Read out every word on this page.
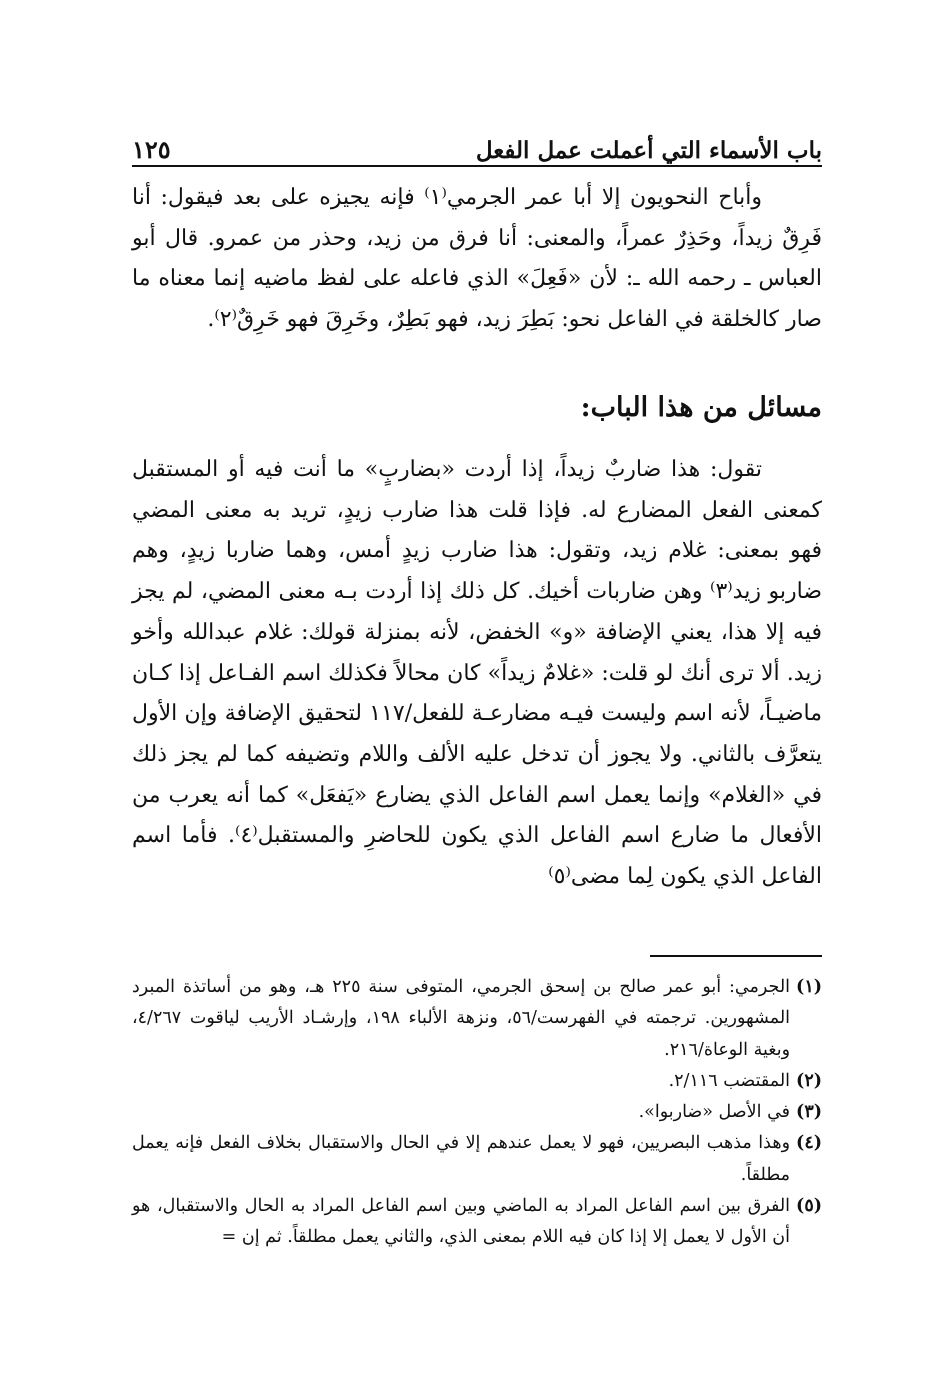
باب الأسماء التي أعملت عمل الفعل
١٢٥

وأباح النحويون إلا أبا عمر الجرمي⁽١⁾ فإنه يجيزه على بعد فيقول: أنا فَرِقٌ زيداً، وحَذِرٌ عمراً، والمعنى: أنا فرق من زيد، وحذر من عمرو. قال أبو العباس ـ رحمه الله ـ: لأن «فَعِلَ» الذي فاعله على لفظ ماضيه إنما معناه ما صار كالخلقة في الفاعل نحو: بَطِرَ زيد، فهو بَطِرٌ، وخَرِقَ فهو خَرِقٌ⁽٢⁾.

مسائل من هذا الباب:

تقول: هذا ضاربٌ زيداً، إذا أردت «بضاربٍ» ما أنت فيه أو المستقبل كمعنى الفعل المضارع له. فإذا قلت هذا ضارب زيدٍ، تريد به معنى المضي فهو بمعنى: غلام زيد، وتقول: هذا ضارب زيدٍ أمس، وهما ضاربا زيدٍ، وهم ضاربو زيد⁽٣⁾ وهن ضاربات أخيك. كل ذلك إذا أردت بـه معنى المضي، لم يجز فيه إلا هذا، يعني الإضافة «و» الخفض، لأنه بمنزلة قولك: غلام عبدالله وأخو زيد. ألا ترى أنك لو قلت: «غلامٌ زيداً» كان محالاً فكذلك اسم الفـاعل إذا كـان ماضيـاً، لأنه اسم وليست فيـه مضارعـة للفعل/١١٧ لتحقيق الإضافة وإن الأول يتعرَّف بالثاني. ولا يجوز أن تدخل عليه الألف واللام وتضيفه كما لم يجز ذلك في «الغلام» وإنما يعمل اسم الفاعل الذي يضارع «يَفعَل» كما أنه يعرب من الأفعال ما ضارع اسم الفاعل الذي يكون للحاضرِ والمستقبل⁽٤⁾. فأما اسم الفاعل الذي يكون لِما مضى⁽٥⁾

(١)
الجرمي: أبو عمر صالح بن إسحق الجرمي، المتوفى سنة ٢٢٥ هـ، وهو من أساتذة المبرد المشهورين. ترجمته في الفهرست/٥٦، ونزهة الألباء ١٩٨، وإرشـاد الأريب لياقوت ٤/٢٦٧، وبغية الوعاة/٢١٦.
(٢)
المقتضب ٢/١١٦.
(٣)
في الأصل «ضاربوا».
(٤)
وهذا مذهب البصريين، فهو لا يعمل عندهم إلا في الحال والاستقبال بخلاف الفعل فإنه يعمل مطلقاً.
(٥)
الفرق بين اسم الفاعل المراد به الماضي وبين اسم الفاعل المراد به الحال والاستقبال، هو أن الأول لا يعمل إلا إذا كان فيه اللام بمعنى الذي، والثاني يعمل مطلقاً. ثم إن =
